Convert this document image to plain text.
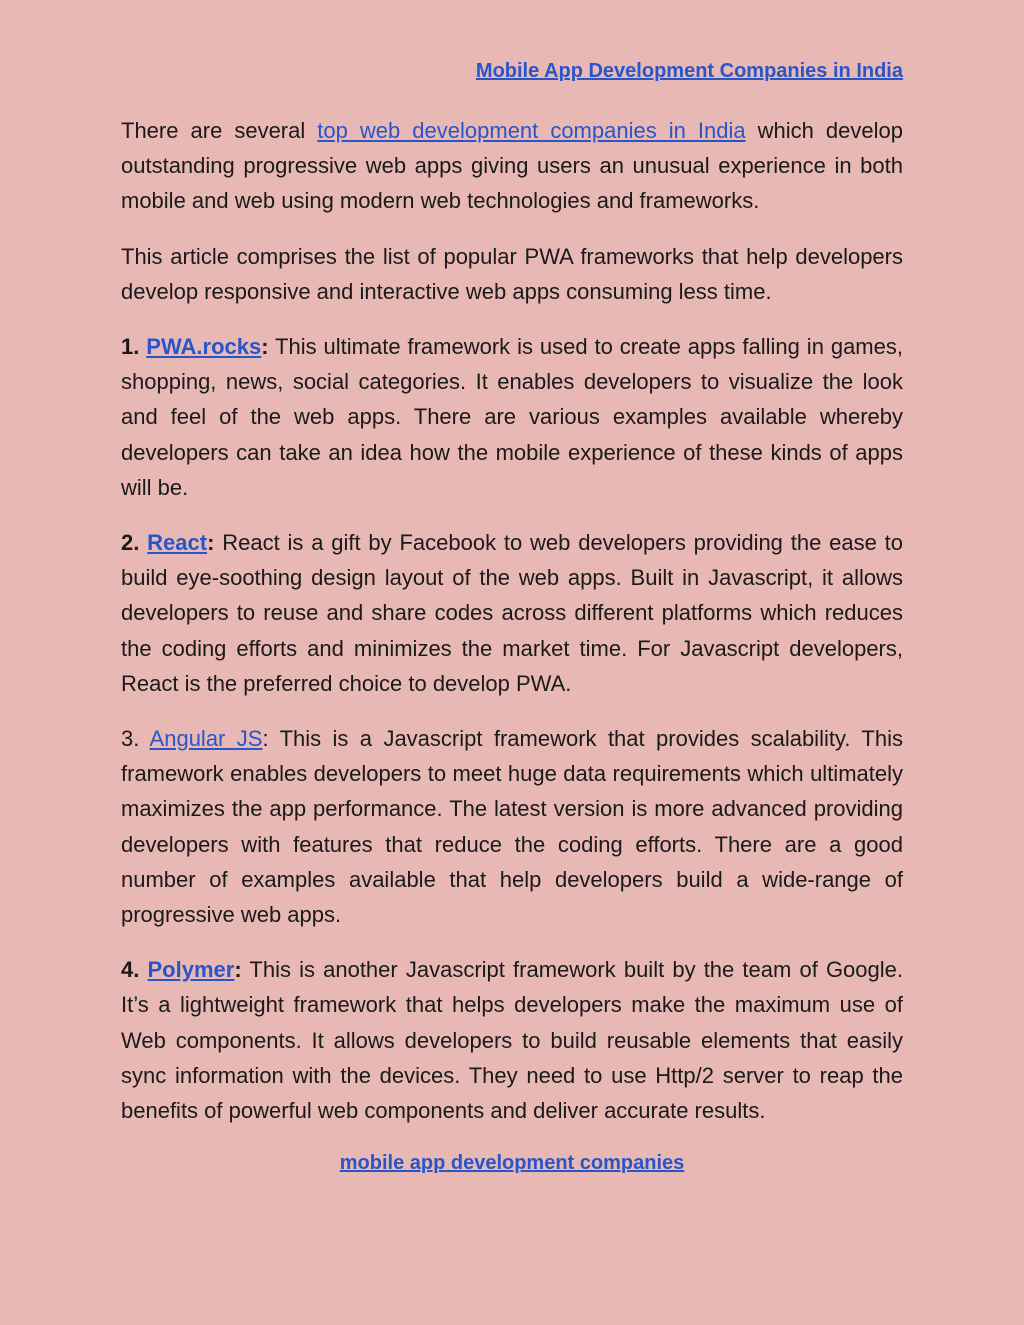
Mobile App Development Companies in India

There are several top web development companies in India which develop outstanding progressive web apps giving users an unusual experience in both mobile and web using modern web technologies and frameworks.

This article comprises the list of popular PWA frameworks that help developers develop responsive and interactive web apps consuming less time.

1. PWA.rocks: This ultimate framework is used to create apps falling in games, shopping, news, social categories. It enables developers to visualize the look and feel of the web apps. There are various examples available whereby developers can take an idea how the mobile experience of these kinds of apps will be.

2. React: React is a gift by Facebook to web developers providing the ease to build eye-soothing design layout of the web apps. Built in Javascript, it allows developers to reuse and share codes across different platforms which reduces the coding efforts and minimizes the market time. For Javascript developers, React is the preferred choice to develop PWA.

3. Angular JS: This is a Javascript framework that provides scalability. This framework enables developers to meet huge data requirements which ultimately maximizes the app performance. The latest version is more advanced providing developers with features that reduce the coding efforts. There are a good number of examples available that help developers build a wide-range of progressive web apps.

4. Polymer: This is another Javascript framework built by the team of Google. It’s a lightweight framework that helps developers make the maximum use of Web components. It allows developers to build reusable elements that easily sync information with the devices. They need to use Http/2 server to reap the benefits of powerful web components and deliver accurate results.

mobile app development companies
